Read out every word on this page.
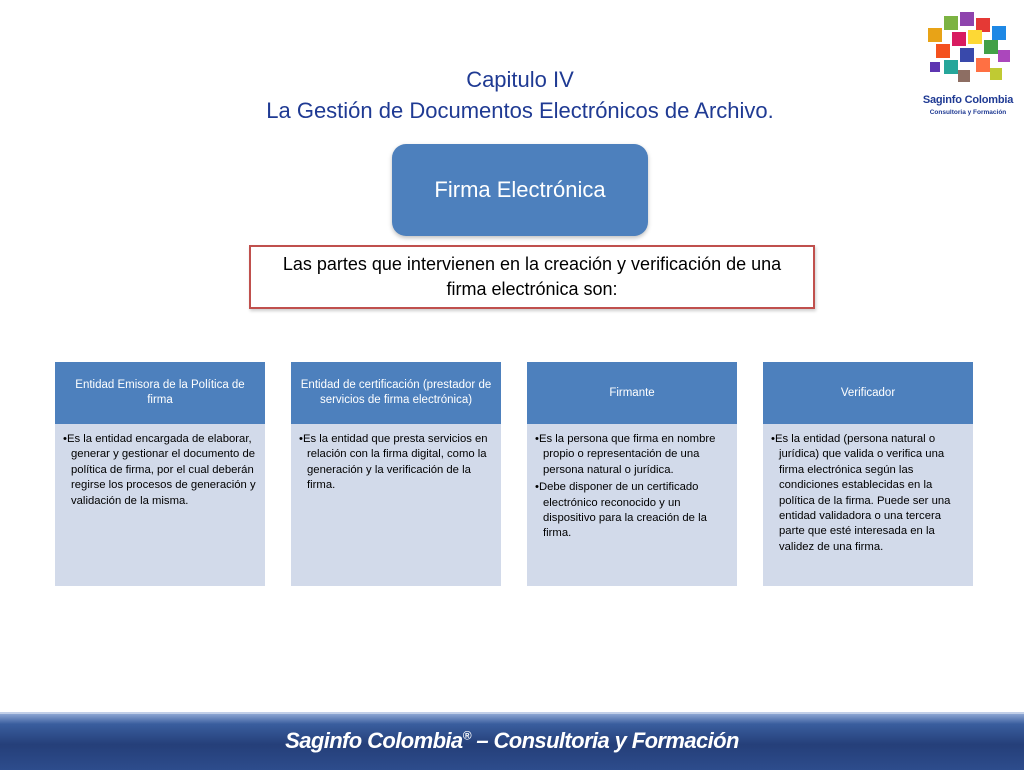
Capitulo IV
La Gestión de Documentos Electrónicos de Archivo.	Saginfo Colombia
Consultoria y Formación
Firma Electrónica
Las partes que intervienen en la creación y verificación de una firma electrónica son:
Entidad Emisora de la Política de firma
•Es la entidad encargada de elaborar, generar y gestionar el documento de política de firma, por el cual deberán regirse los procesos de generación y validación de la misma.
Entidad de certificación (prestador de servicios de firma electrónica)
•Es la entidad que presta servicios en relación con la firma digital, como la generación y la verificación de la firma.
Firmante
•Es la persona que firma en nombre propio o representación de una persona natural o jurídica.
•Debe disponer de un certificado electrónico reconocido y un dispositivo para la creación de la firma.
Verificador
•Es la entidad (persona natural o jurídica) que valida o verifica una firma electrónica según las condiciones establecidas en la política de la firma. Puede ser una entidad validadora o una tercera parte que esté interesada en la validez de una firma.
Saginfo Colombia® – Consultoria y Formación
